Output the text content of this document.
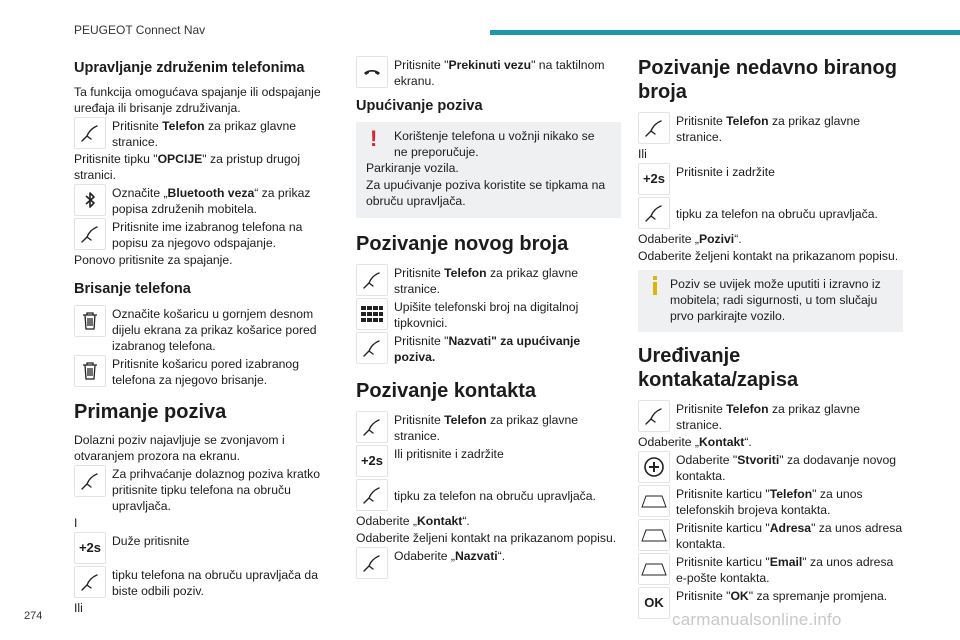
PEUGEOT Connect Nav
Upravljanje združenim telefonima

Ta funkcija omogućava spajanje ili odspajanje uređaja ili brisanje združivanja.

Pritisnite Telefon za prikaz glavne stranice.

Pritisnite tipku "OPCIJE" za pristup drugoj stranici.

Označite „Bluetooth veza“ za prikaz popisa združenih mobitela.
Pritisnite ime izabranog telefona na popisu za njegovo odspajanje.

Ponovo pritisnite za spajanje.

Brisanje telefona
Označite košaricu u gornjem desnom dijelu ekrana za prikaz košarice pored izabranog telefona.
Pritisnite košaricu pored izabranog telefona za njegovo brisanje.
Primanje poziva

Dolazni poziv najavljuje se zvonjavom i otvaranjem prozora na ekranu.

Za prihvaćanje dolaznog poziva kratko pritisnite tipku telefona na obruču upravljača.

I

+2s Duže pritisnite
tipku telefona na obruču upravljača da biste odbili poziv.

Ili

Pritisnite "Prekinuti vezu" na taktilnom ekranu.
Upućivanje poziva
!	Korištenje telefona u vožnji nikako se ne preporučuje.

Parkiranje vozila.

Za upućivanje poziva koristite se tipkama na obruču upravljača.

Pozivanje novog broja
Pritisnite Telefon za prikaz glavne stranice.
Upišite telefonski broj na digitalnoj tipkovnici.
Pritisnite "Nazvati" za upućivanje poziva.
Pozivanje kontakta
Pritisnite Telefon za prikaz glavne stranice.
+2s Ili pritisnite i zadržite
tipku za telefon na obruču upravljača.

Odaberite „Kontakt“.

Odaberite željeni kontakt na prikazanom popisu.

Odaberite „Nazvati“.
Pozivanje nedavno biranog broja
Pritisnite Telefon za prikaz glavne stranice.

Ili

+2s Pritisnite i zadržite
tipku za telefon na obruču upravljača.

Odaberite „Pozivi“.

Odaberite željeni kontakt na prikazanom popisu.

Poziv se uvijek može uputiti i izravno iz mobitela; radi sigurnosti, u tom slučaju prvo parkirajte vozilo.
Uređivanje kontakata/zapisa
Pritisnite Telefon za prikaz glavne stranice.

Odaberite „Kontakt“.

Odaberite "Stvoriti" za dodavanje novog kontakta.
Pritisnite karticu "Telefon" za unos telefonskih brojeva kontakta.
Pritisnite karticu "Adresa" za unos adresa kontakta.
Pritisnite karticu "Email" za unos adresa e-pošte kontakta.
OK Pritisnite "OK" za spremanje promjena.
274	carmanualsonline.info
